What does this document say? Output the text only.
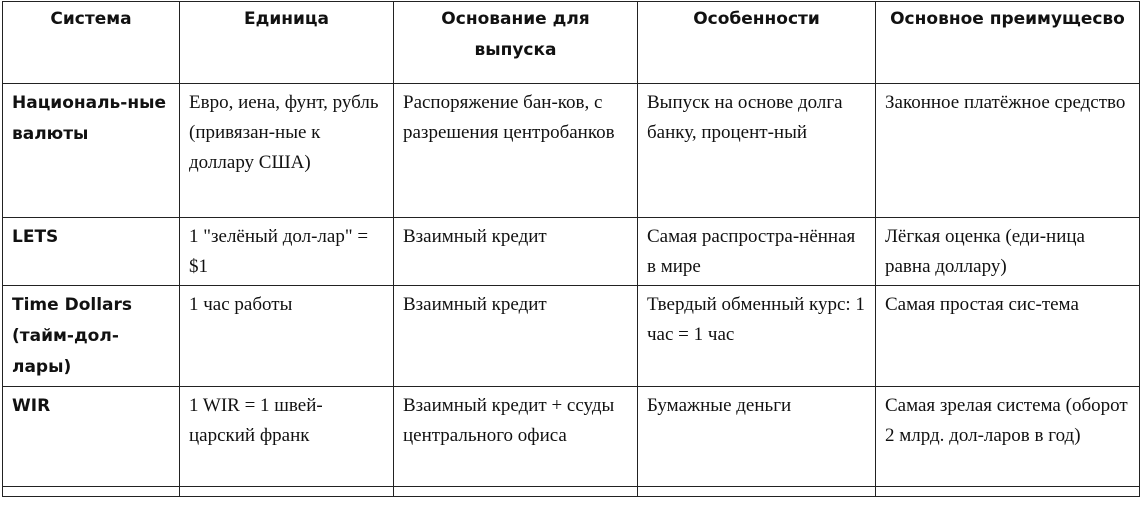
Система	Единица	Основание для выпуска	Особенности	Основное преимущесво
Националь-ные валюты	Евро, иена, фунт, рубль (привязан-ные к доллару США)	Распоряжение бан-ков, с разрешения центробанков	Выпуск на основе долга банку, процент-ный	Законное платёжное средство
LETS	1 "зелёный дол-лар" = $1	Взаимный кредит	Самая распростра-нённая в мире	Лёгкая оценка (еди-ница равна доллару)
Time Dollars (тайм-дол-лары)	1 час работы	Взаимный кредит	Твердый обменный курс: 1 час = 1 час	Самая простая сис-тема
WIR	1 WIR = 1 швей-царский франк	Взаимный кредит + ссуды центрального офиса	Бумажные деньги	Самая зрелая система (оборот 2 млрд. дол-ларов в год)
